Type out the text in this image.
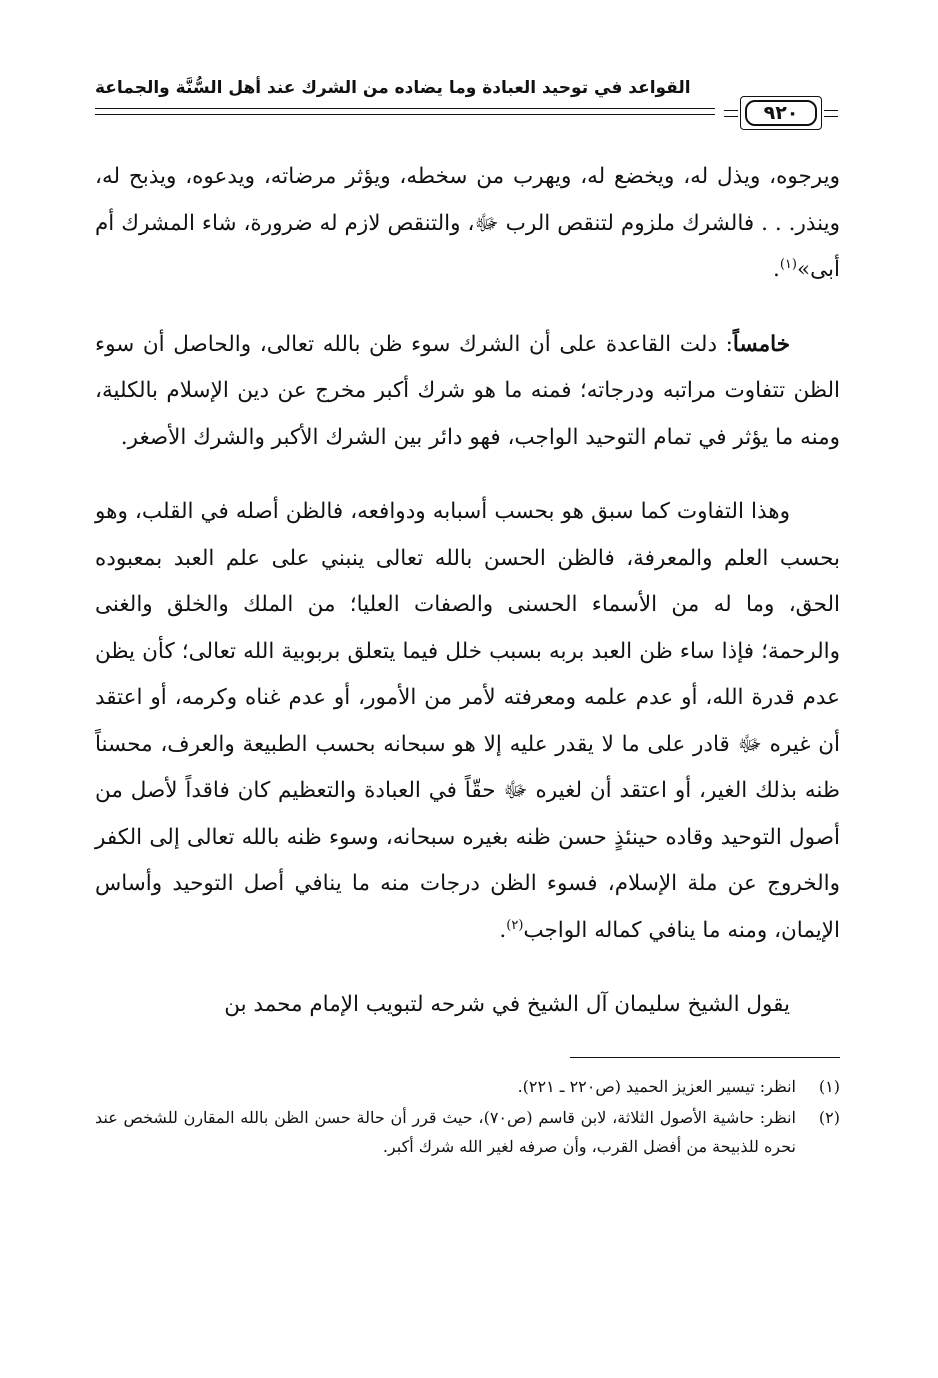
القواعد في توحيد العبادة وما يضاده من الشرك عند أهل السُّنَّة والجماعة
٩٢٠

ويرجوه، ويذل له، ويخضع له، ويهرب من سخطه، ويؤثر مرضاته، ويدعوه، ويذبح له، وينذر. . . فالشرك ملزوم لتنقص الرب ﷻ، والتنقص لازم له ضرورة، شاء المشرك أم أبى»$^{(١)}$.

خامساً: دلت القاعدة على أن الشرك سوء ظن بالله تعالى، والحاصل أن سوء الظن تتفاوت مراتبه ودرجاته؛ فمنه ما هو شرك أكبر مخرج عن دين الإسلام بالكلية، ومنه ما يؤثر في تمام التوحيد الواجب، فهو دائر بين الشرك الأكبر والشرك الأصغر.

وهذا التفاوت كما سبق هو بحسب أسبابه ودوافعه، فالظن أصله في القلب، وهو بحسب العلم والمعرفة، فالظن الحسن بالله تعالى ينبني على علم العبد بمعبوده الحق، وما له من الأسماء الحسنى والصفات العليا؛ من الملك والخلق والغنى والرحمة؛ فإذا ساء ظن العبد بربه بسبب خلل فيما يتعلق بربوبية الله تعالى؛ كأن يظن عدم قدرة الله، أو عدم علمه ومعرفته لأمر من الأمور، أو عدم غناه وكرمه، أو اعتقد أن غيره ﷻ قادر على ما لا يقدر عليه إلا هو سبحانه بحسب الطبيعة والعرف، محسناً ظنه بذلك الغير، أو اعتقد أن لغيره ﷻ حقّاً في العبادة والتعظيم كان فاقداً لأصل من أصول التوحيد وقاده حينئذٍ حسن ظنه بغيره سبحانه، وسوء ظنه بالله تعالى إلى الكفر والخروج عن ملة الإسلام، فسوء الظن درجات منه ما ينافي أصل التوحيد وأساس الإيمان، ومنه ما ينافي كماله الواجب$^{(٢)}$.

يقول الشيخ سليمان آل الشيخ في شرحه لتبويب الإمام محمد بن

(١)
انظر: تيسير العزيز الحميد (ص٢٢٠ ـ ٢٢١).
(٢)
انظر: حاشية الأصول الثلاثة، لابن قاسم (ص٧٠)، حيث قرر أن حالة حسن الظن بالله المقارن للشخص عند نحره للذبيحة من أفضل القرب، وأن صرفه لغير الله شرك أكبر.
